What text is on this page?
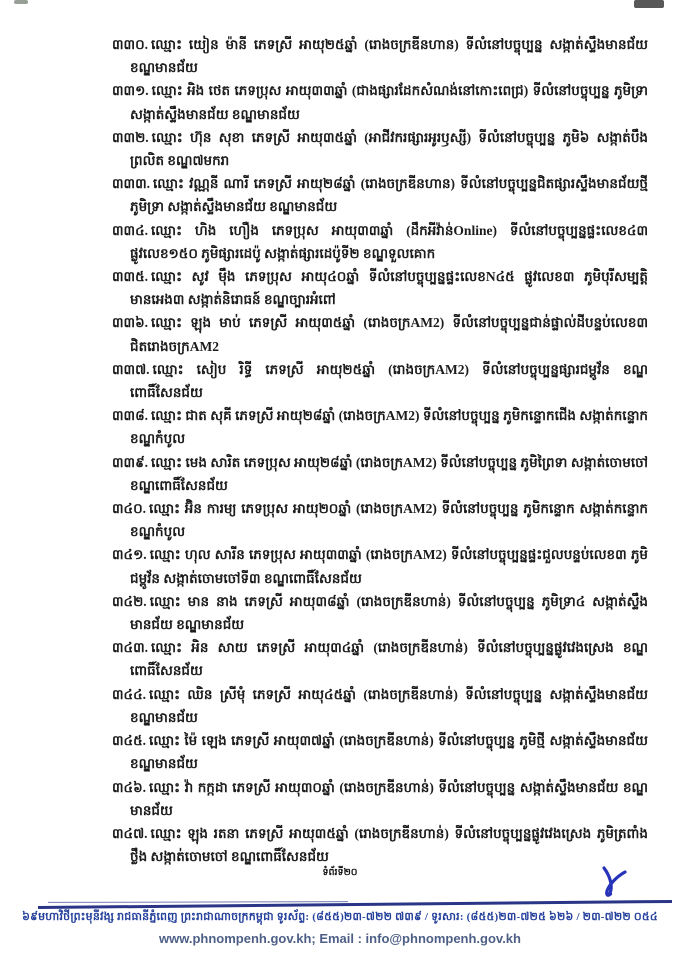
៣៣០. ឈ្មោះ យៀន ម៉ានី ភេទស្រី អាយុ២៥ឆ្នាំ (រោងចក្រឌីនហាន) ទីលំនៅបច្ចុប្បន្ន សង្កាត់ស្ទឹងមានជ័យ ខណ្ឌមានជ័យ
៣៣១. ឈ្មោះ អិង ថេត ភេទប្រុស អាយុ៣៣ឆ្នាំ (ជាងផ្សារដែកសំណង់នៅកោះពេជ្រ) ទីលំនៅបច្ចុប្បន្ន ភូមិទ្រា សង្កាត់ស្ទឹងមានជ័យ ខណ្ឌមានជ័យ
៣៣២. ឈ្មោះ ហ៊ុន សុខា ភេទស្រី អាយុ៣៥ឆ្នាំ (អាជីវករផ្សារអូរឫស្សី) ទីលំនៅបច្ចុប្បន្ន ភូមិ៦ សង្កាត់បឹងព្រលិត ខណ្ឌ៧មករា
៣៣៣. ឈ្មោះ វណ្ណនី ណារី ភេទស្រី អាយុ២៨ឆ្នាំ (រោងចក្រឌីនហាន) ទីលំនៅបច្ចុប្បន្នជិតផ្សារស្ទឹងមានជ័យថ្មី ភូមិទ្រា សង្កាត់ស្ទឹងមានជ័យ ខណ្ឌមានជ័យ
៣៣៤. ឈ្មោះ ហិង ហឿង ភេទប្រុស អាយុ៣៣ឆ្នាំ (ដឹកអីវ៉ាន់Online) ទីលំនៅបច្ចុប្បន្នផ្ទះលេខ៤៣ ផ្លូវលេខ១៥០ ភូមិផ្សារដេប៉ូ សង្កាត់ផ្សារដេប៉ូទី២ ខណ្ឌទួលគោក
៣៣៥. ឈ្មោះ សូវ ម៉ឹង ភេទប្រុស អាយុ៤០ឆ្នាំ ទីលំនៅបច្ចុប្បន្នផ្ទះលេខN៤៥ ផ្លូវលេខ៣ ភូមិបុរីសម្បត្តិមានអេង៣ សង្កាត់និរោធន៍ ខណ្ឌច្បារអំពៅ
៣៣៦. ឈ្មោះ ឡុង មាប់ ភេទស្រី អាយុ៣៥ឆ្នាំ (រោងចក្រAM2) ទីលំនៅបច្ចុប្បន្នជាន់ផ្ទាល់ដីបន្ទប់លេខ៣ ជិតរោងចក្រAM2
៣៣៧. ឈ្មោះ សៀប រិទ្ធី ភេទស្រី អាយុ២៥ឆ្នាំ (រោងចក្រAM2) ទីលំនៅបច្ចុប្បន្នផ្សារជម្ពូវ័ន ខណ្ឌពោធិ៍សែនជ័យ
៣៣៨. ឈ្មោះ ជាត សុគី ភេទស្រី អាយុ២៨ឆ្នាំ (រោងចក្រAM2) ទីលំនៅបច្ចុប្បន្ន ភូមិកន្ទោកជើង សង្កាត់កន្ទោក ខណ្ឌកំបូល
៣៣៩. ឈ្មោះ មេង សារិត ភេទប្រុស អាយុ២៨ឆ្នាំ (រោងចក្រAM2) ទីលំនៅបច្ចុប្បន្ន ភូមិព្រៃទា សង្កាត់ចោមចៅ ខណ្ឌពោធិ៍សែនជ័យ
៣៤០. ឈ្មោះ អ៊ិន ការម្យ ភេទប្រុស អាយុ២០ឆ្នាំ (រោងចក្រAM2) ទីលំនៅបច្ចុប្បន្ន ភូមិកន្ទោក សង្កាត់កន្ទោក ខណ្ឌកំបូល
៣៤១. ឈ្មោះ ហុល សារីន ភេទប្រុស អាយុ៣៣ឆ្នាំ (រោងចក្រAM2) ទីលំនៅបច្ចុប្បន្នផ្ទះជួលបន្ទប់លេខ៣ ភូមិជម្ពូវ័ន សង្កាត់ចោមចៅទី៣ ខណ្ឌពោធិ៍សែនជ័យ
៣៤២. ឈ្មោះ មាន នាង ភេទស្រី អាយុ៣៨ឆ្នាំ (រោងចក្រឌីនហាន់) ទីលំនៅបច្ចុប្បន្ន ភូមិទ្រា៤ សង្កាត់ស្ទឹងមានជ័យ ខណ្ឌមានជ័យ
៣៤៣. ឈ្មោះ អិន សាយ ភេទស្រី អាយុ៣៤ឆ្នាំ (រោងចក្រឌីនហាន់) ទីលំនៅបច្ចុប្បន្នផ្លូវវេងស្រេង ខណ្ឌពោធិ៍សែនជ័យ
៣៤៤. ឈ្មោះ ឈិន ស្រីមុំ ភេទស្រី អាយុ៤៥ឆ្នាំ (រោងចក្រឌីនហាន់) ទីលំនៅបច្ចុប្បន្ន សង្កាត់ស្ទឹងមានជ័យ ខណ្ឌមានជ័យ
៣៤៥. ឈ្មោះ ម៉ៃ ឡេង ភេទស្រី អាយុ៣៧ឆ្នាំ (រោងចក្រឌីនហាន់) ទីលំនៅបច្ចុប្បន្ន ភូមិថ្មី សង្កាត់ស្ទឹងមានជ័យ ខណ្ឌមានជ័យ
៣៤៦. ឈ្មោះ វ៉ា កក្កដា ភេទស្រី អាយុ៣០ឆ្នាំ (រោងចក្រឌីនហាន់) ទីលំនៅបច្ចុប្បន្ន សង្កាត់ស្ទឹងមានជ័យ ខណ្ឌមានជ័យ
៣៤៧. ឈ្មោះ ឡុង រតនា ភេទស្រី អាយុ៣៥ឆ្នាំ (រោងចក្រឌីនហាន់) ទីលំនៅបច្ចុប្បន្នផ្លូវវេងស្រេង ភូមិត្រពាំងថ្លឹង សង្កាត់ចោមចៅ ខណ្ឌពោធិ៍សែនជ័យ
ទំព័រទី២០
៦៩មហាវិថីព្រះមុនីវង្ស រាជធានីភ្នំពេញ ព្រះរាជាណាចក្រកម្ពុជា ទូរស័ព្ទ: (៨៥៥)២៣-៧២២ ៧៣៩ / ទូរសារ: (៨៥៥)២៣-៧២៥ ៦២៦ / ២៣-៧២២ ០៥៤
www.phnompenh.gov.kh; Email : info@phnompenh.gov.kh
